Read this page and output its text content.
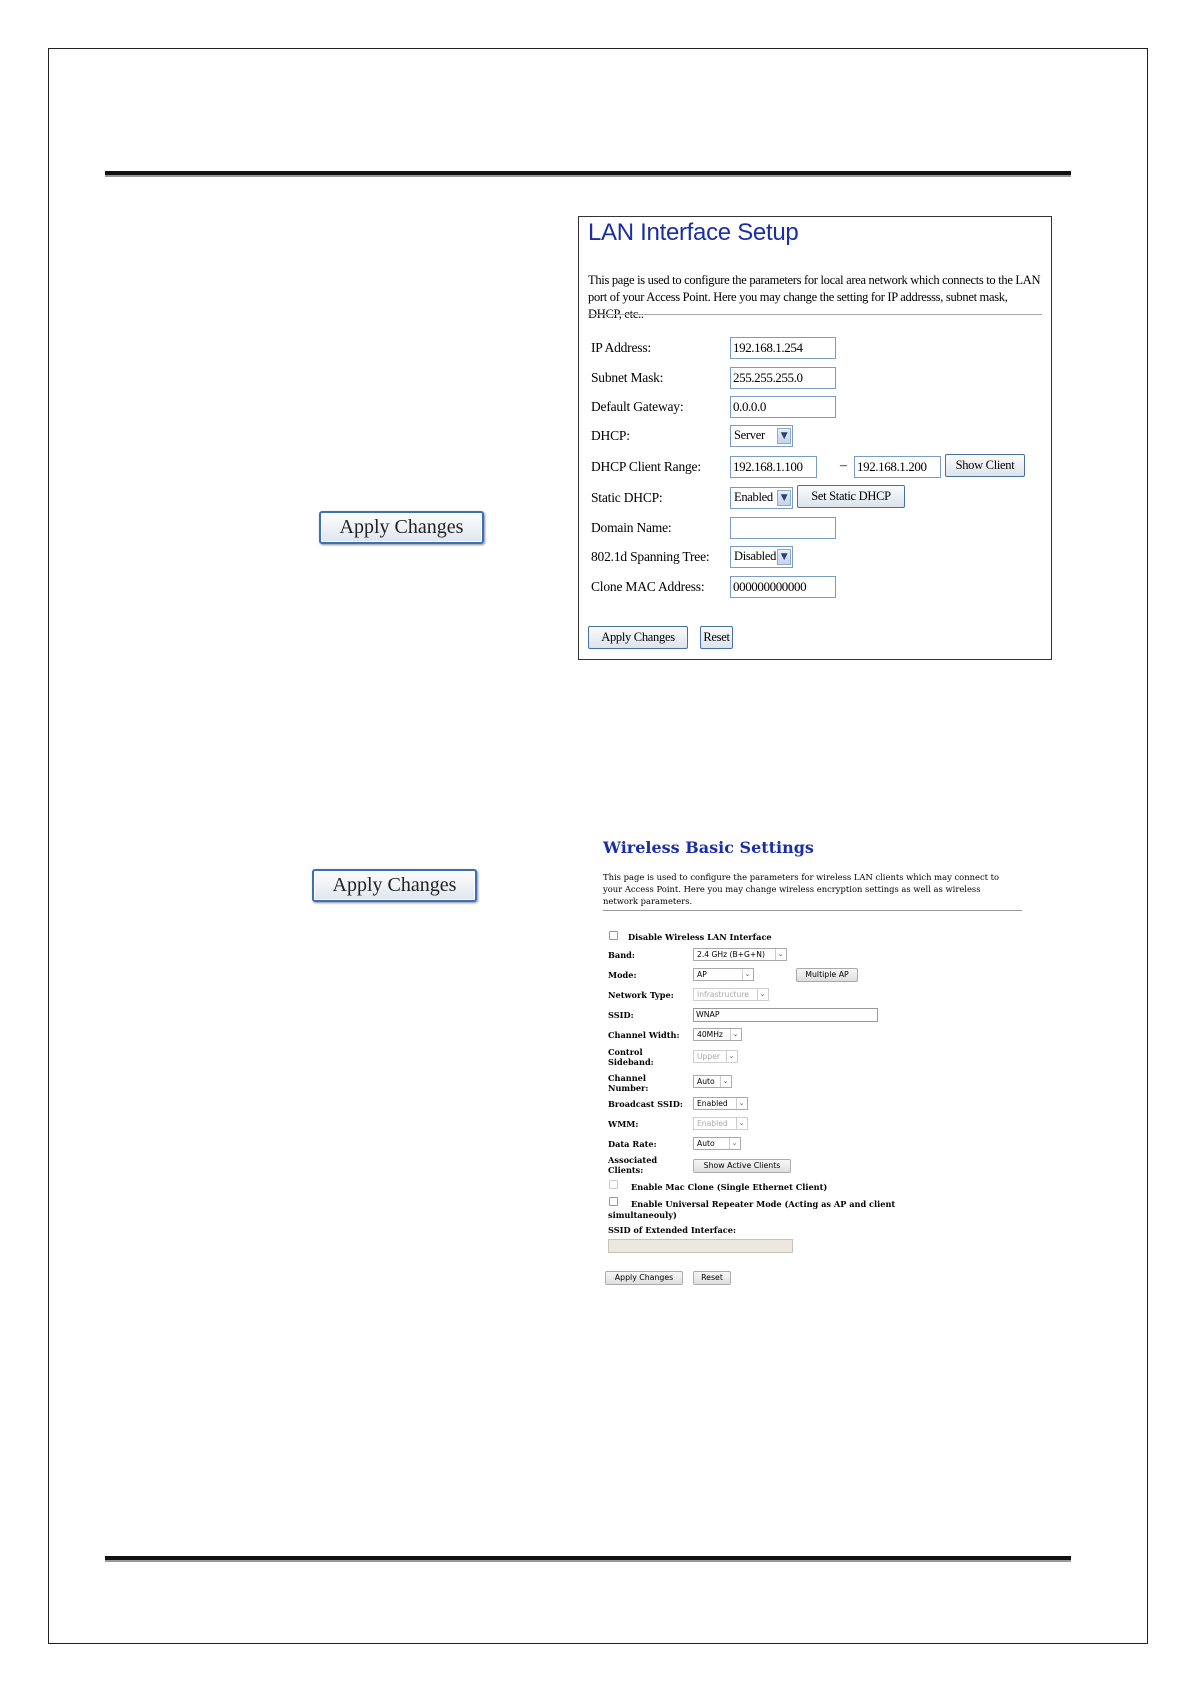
Apply Changes
Apply Changes
LAN Interface Setup
This page is used to configure the parameters for local area network which connects to the LAN port of your Access Point. Here you may change the setting for IP addresss, subnet mask, DHCP, etc..
IP Address:	192.168.1.254
Subnet Mask:	255.255.255.0
Default Gateway:	0.0.0.0
DHCP:	Server	▼
DHCP Client Range: 192.168.1.100	– 192.168.1.200	Show Client
Static DHCP:	Enabled ▼	Set Static DHCP
Domain Name:
802.1d Spanning Tree:	Disabled ▼
Clone MAC Address: 000000000000
Apply Changes	Reset
Wireless Basic Settings
This page is used to configure the parameters for wireless LAN clients which may connect to your Access Point. Here you may change wireless encryption settings as well as wireless network parameters.
Disable Wireless LAN Interface
Band:	2.4 GHz (B+G+N)	⌄
Mode:	AP	⌄	Multiple AP
Network Type:	Infrastructure	⌄
SSID:	WNAP
Channel Width:	40MHz	⌄
Control
Sideband:
Upper	⌄
Channel
Number:
Auto	⌄
Broadcast SSID:	Enabled	⌄
WMM:	Enabled	⌄
Data Rate:	Auto	⌄
Associated
Clients:	Show Active Clients
Enable Mac Clone (Single Ethernet Client)
Enable Universal Repeater Mode (Acting as AP and client
simultaneouly)
SSID of Extended Interface:
Apply Changes	Reset
